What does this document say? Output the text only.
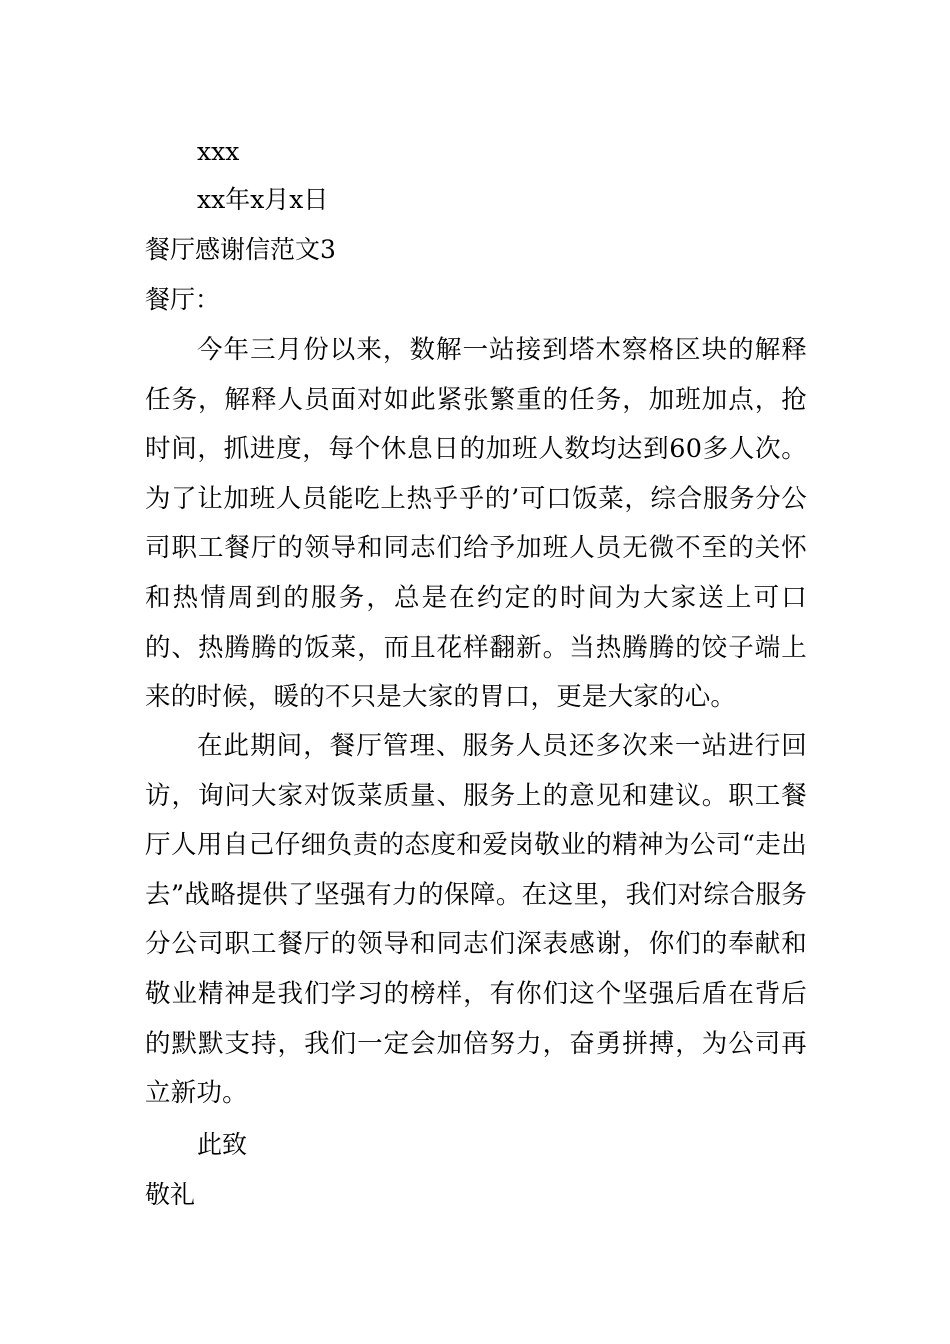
xxx

xx年x月x日

餐厅感谢信范文3

餐厅：

今年三月份以来，数解一站接到塔木察格区块的解释任务，解释人员面对如此紧张繁重的任务，加班加点，抢时间，抓进度，每个休息日的加班人数均达到60多人次。为了让加班人员能吃上热乎乎的’可口饭菜，综合服务分公司职工餐厅的领导和同志们给予加班人员无微不至的关怀和热情周到的服务，总是在约定的时间为大家送上可口的、热腾腾的饭菜，而且花样翻新。当热腾腾的饺子端上来的时候，暖的不只是大家的胃口，更是大家的心。

在此期间，餐厅管理、服务人员还多次来一站进行回访，询问大家对饭菜质量、服务上的意见和建议。职工餐厅人用自己仔细负责的态度和爱岗敬业的精神为公司“走出去”战略提供了坚强有力的保障。在这里，我们对综合服务分公司职工餐厅的领导和同志们深表感谢，你们的奉献和敬业精神是我们学习的榜样，有你们这个坚强后盾在背后的默默支持，我们一定会加倍努力，奋勇拼搏，为公司再立新功。

此致

敬礼
